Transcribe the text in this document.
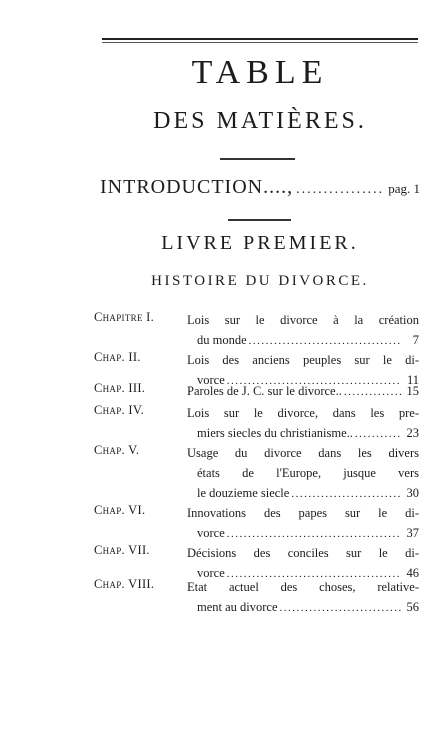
TABLE
DES MATIÈRES.
INTRODUCTION...., .....	pag. 1
LIVRE PREMIER.
HISTOIRE DU DIVORCE.
Chapitre I.	Lois sur le divorce à la création
du monde .....	7
Chap. II.	Lois des anciens peuples sur le di-
vorce .....	11
Chap. III.	Paroles de J. C. sur le divorce.. .....	15
Chap. IV.	Lois sur le divorce, dans les pre-
miers siecles du christianisme.. .....	23
Chap. V.	Usage du divorce dans les divers
états de l'Europe, jusque vers
le douzieme siecle .....	30
Chap. VI.	Innovations des papes sur le di-
vorce .....	37
Chap. VII.	Décisions des conciles sur le di-
vorce .....	46
Chap. VIII.	Etat actuel des choses, relative-
ment au divorce .....	56
